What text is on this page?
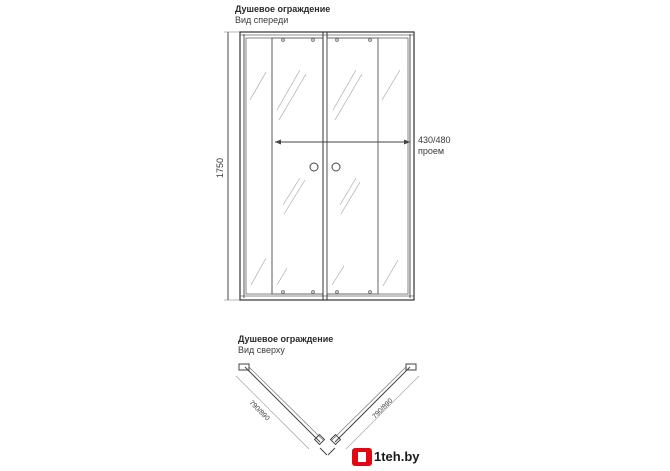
Душевое ограждение
Вид спереди
Душевое ограждение
Вид сверху
430/480
проем
1750
790/890	790/890
1teh.by
